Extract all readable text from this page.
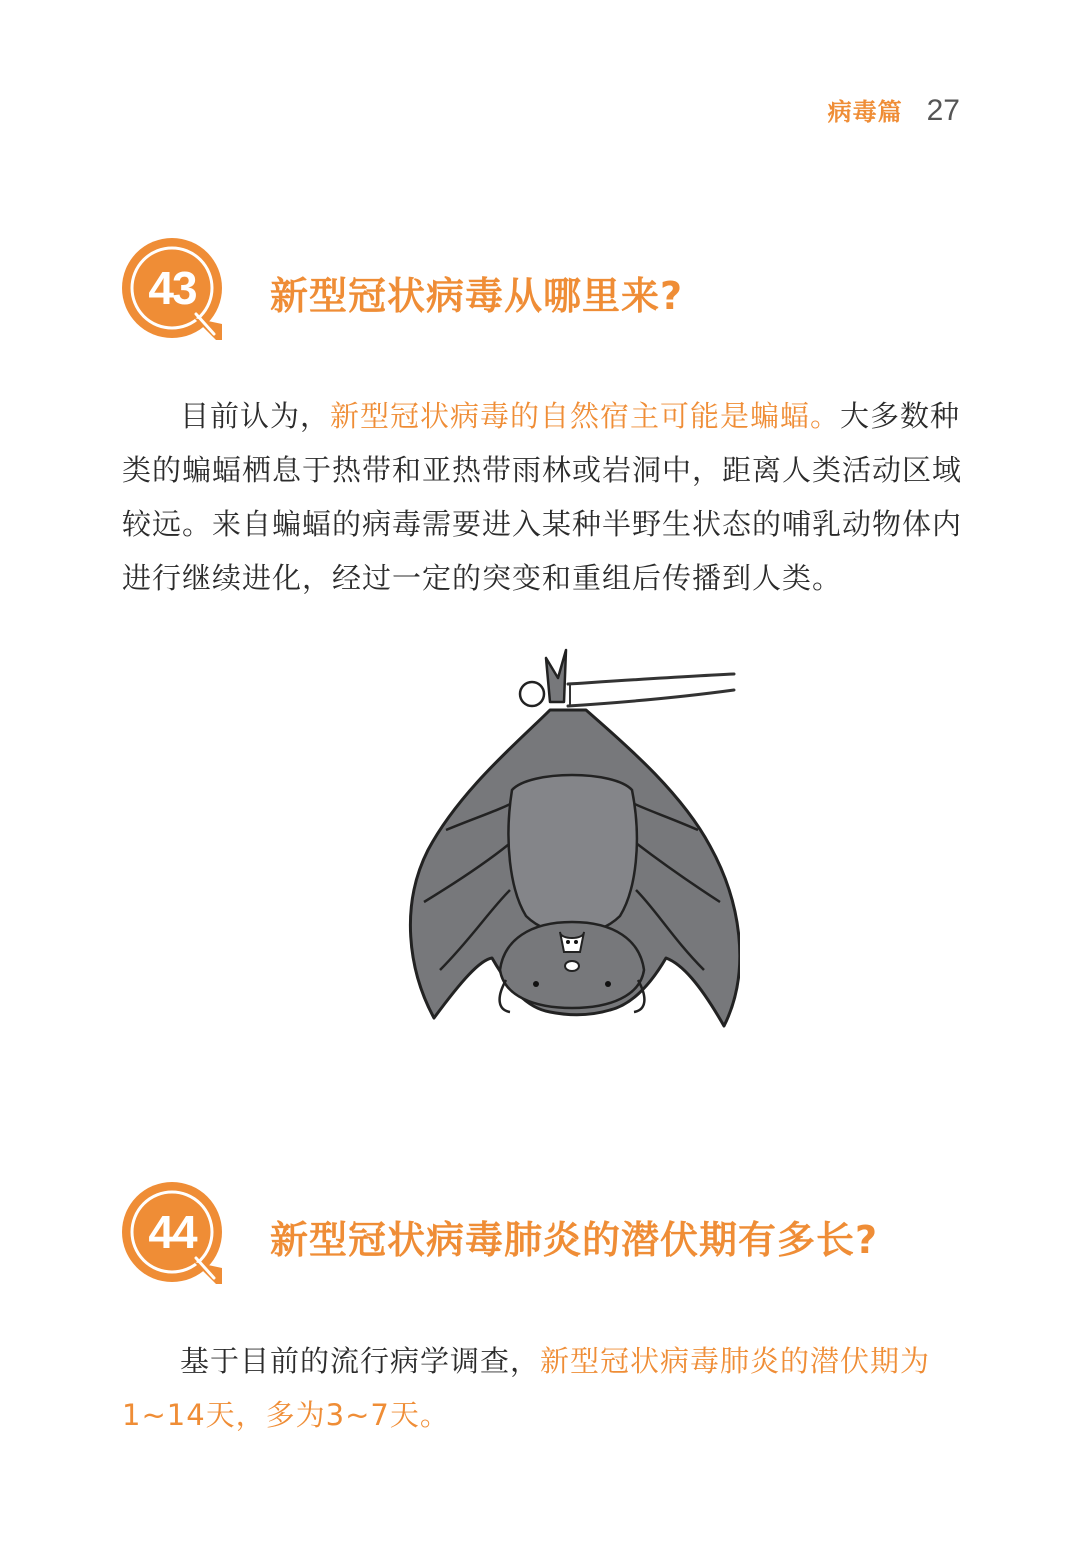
病毒篇 27
43	新型冠状病毒从哪里来?

目前认为，新型冠状病毒的自然宿主可能是蝙蝠。大多数种类的蝙蝠栖息于热带和亚热带雨林或岩洞中，距离人类活动区域较远。来自蝙蝠的病毒需要进入某种半野生状态的哺乳动物体内进行继续进化，经过一定的突变和重组后传播到人类。

44	新型冠状病毒肺炎的潜伏期有多长?

基于目前的流行病学调查，新型冠状病毒肺炎的潜伏期为1~14天，多为3~7天。
